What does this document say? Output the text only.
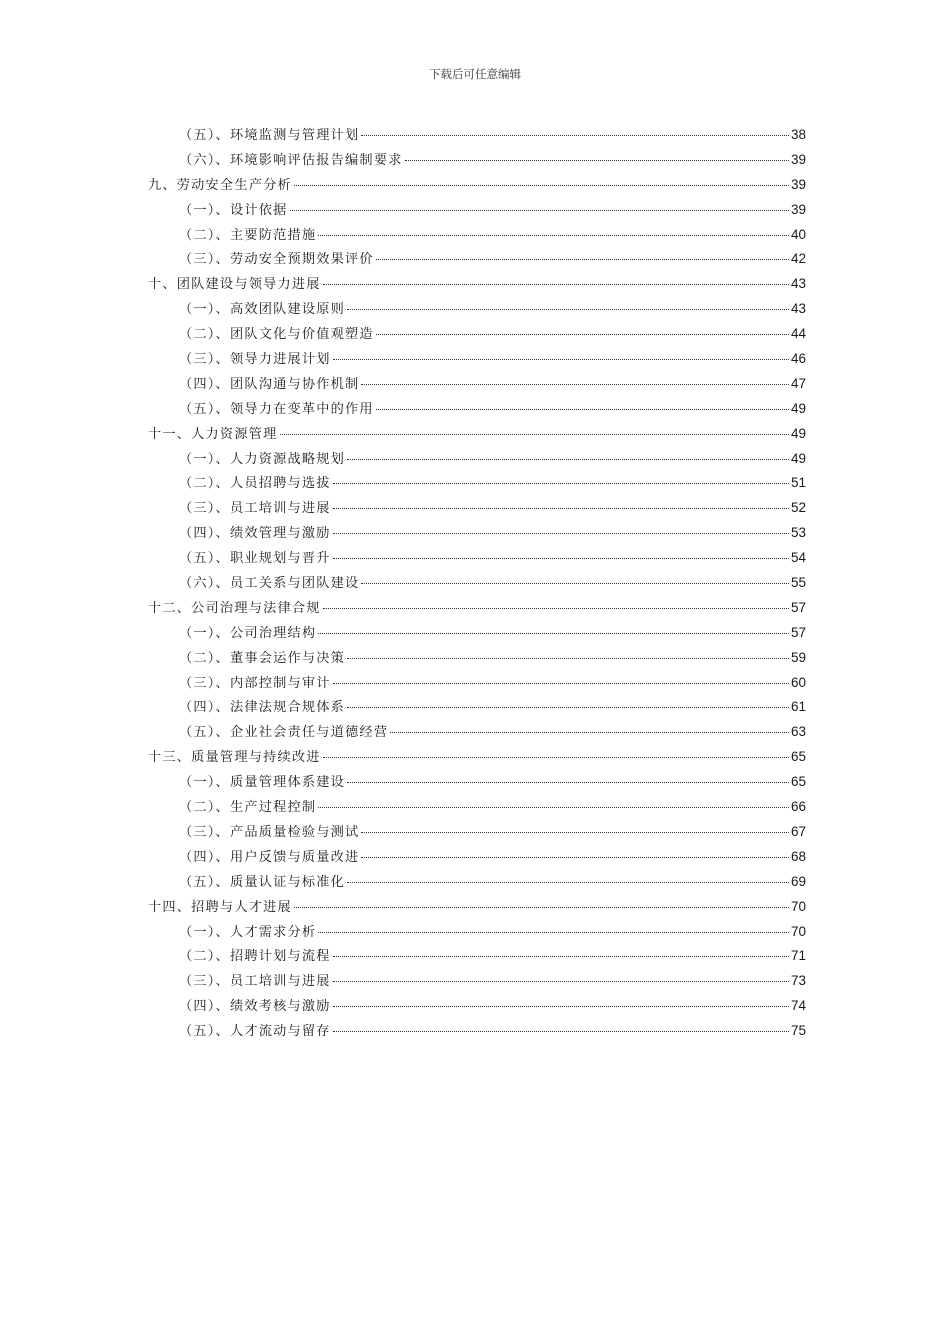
下载后可任意编辑
（五）、环境监测与管理计划	38
（六）、环境影响评估报告编制要求	39
九、劳动安全生产分析	39
（一）、设计依据	39
（二）、主要防范措施	40
（三）、劳动安全预期效果评价	42
十、团队建设与领导力进展	43
（一）、高效团队建设原则	43
（二）、团队文化与价值观塑造	44
（三）、领导力进展计划	46
（四）、团队沟通与协作机制	47
（五）、领导力在变革中的作用	49
十一、人力资源管理	49
（一）、人力资源战略规划	49
（二）、人员招聘与选拔	51
（三）、员工培训与进展	52
（四）、绩效管理与激励	53
（五）、职业规划与晋升	54
（六）、员工关系与团队建设	55
十二、公司治理与法律合规	57
（一）、公司治理结构	57
（二）、董事会运作与决策	59
（三）、内部控制与审计	60
（四）、法律法规合规体系	61
（五）、企业社会责任与道德经营	63
十三、质量管理与持续改进	65
（一）、质量管理体系建设	65
（二）、生产过程控制	66
（三）、产品质量检验与测试	67
（四）、用户反馈与质量改进	68
（五）、质量认证与标准化	69
十四、招聘与人才进展	70
（一）、人才需求分析	70
（二）、招聘计划与流程	71
（三）、员工培训与进展	73
（四）、绩效考核与激励	74
（五）、人才流动与留存	75
